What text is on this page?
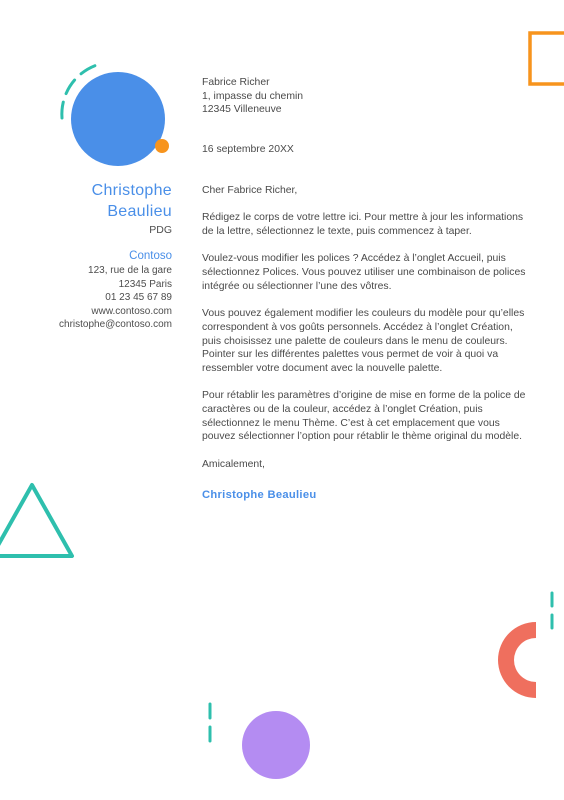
Christophe
Beaulieu
PDG
Contoso
123, rue de la gare
12345 Paris
01 23 45 67 89
www.contoso.com
christophe@contoso.com
Fabrice Richer
1, impasse du chemin
12345 Villeneuve
16 septembre 20XX
Cher Fabrice Richer,

Rédigez le corps de votre lettre ici. Pour mettre à jour les informations de la lettre, sélectionnez le texte, puis commencez à taper.

Voulez-vous modifier les polices ? Accédez à l’onglet Accueil, puis sélectionnez Polices. Vous pouvez utiliser une combinaison de polices intégrée ou sélectionner l’une des vôtres.

Vous pouvez également modifier les couleurs du modèle pour qu’elles correspondent à vos goûts personnels. Accédez à l’onglet Création, puis choisissez une palette de couleurs dans le menu de couleurs. Pointer sur les différentes palettes vous permet de voir à quoi va ressembler votre document avec la nouvelle palette.

Pour rétablir les paramètres d’origine de mise en forme de la police de caractères ou de la couleur, accédez à l’onglet Création, puis sélectionnez le menu Thème. C’est à cet emplacement que vous pouvez sélectionner l’option pour rétablir le thème original du modèle.

Amicalement,
Christophe Beaulieu
